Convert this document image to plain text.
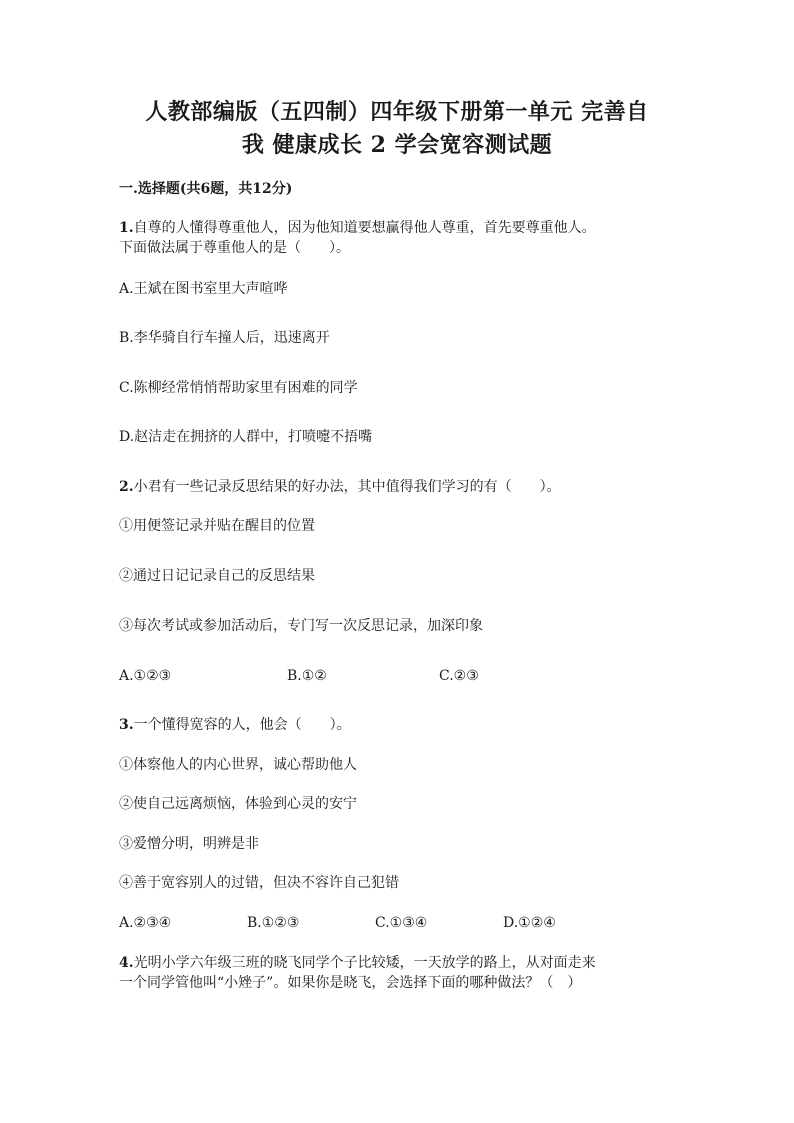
人教部编版（五四制）四年级下册第一单元 完善自
我 健康成长 2 学会宽容测试题
一.选择题(共6题，共12分)
1.自尊的人懂得尊重他人，因为他知道要想赢得他人尊重，首先要尊重他人。
下面做法属于尊重他人的是（　　）。
A.王斌在图书室里大声喧哗
B.李华骑自行车撞人后，迅速离开
C.陈柳经常悄悄帮助家里有困难的同学
D.赵洁走在拥挤的人群中，打喷嚏不捂嘴
2.小君有一些记录反思结果的好办法，其中值得我们学习的有（　　）。
①用便签记录并贴在醒目的位置
②通过日记记录自己的反思结果
③每次考试或参加活动后，专门写一次反思记录，加深印象
A.①②③	B.①②	C.②③
3.一个懂得宽容的人，他会（　　）。
①体察他人的内心世界，诚心帮助他人
②使自己远离烦恼，体验到心灵的安宁
③爱憎分明，明辨是非
④善于宽容别人的过错，但决不容许自己犯错
A.②③④	B.①②③	C.①③④	D.①②④
4.光明小学六年级三班的晓飞同学个子比较矮，一天放学的路上，从对面走来
一个同学管他叫“小矬子”。如果你是晓飞，会选择下面的哪种做法？（　）
